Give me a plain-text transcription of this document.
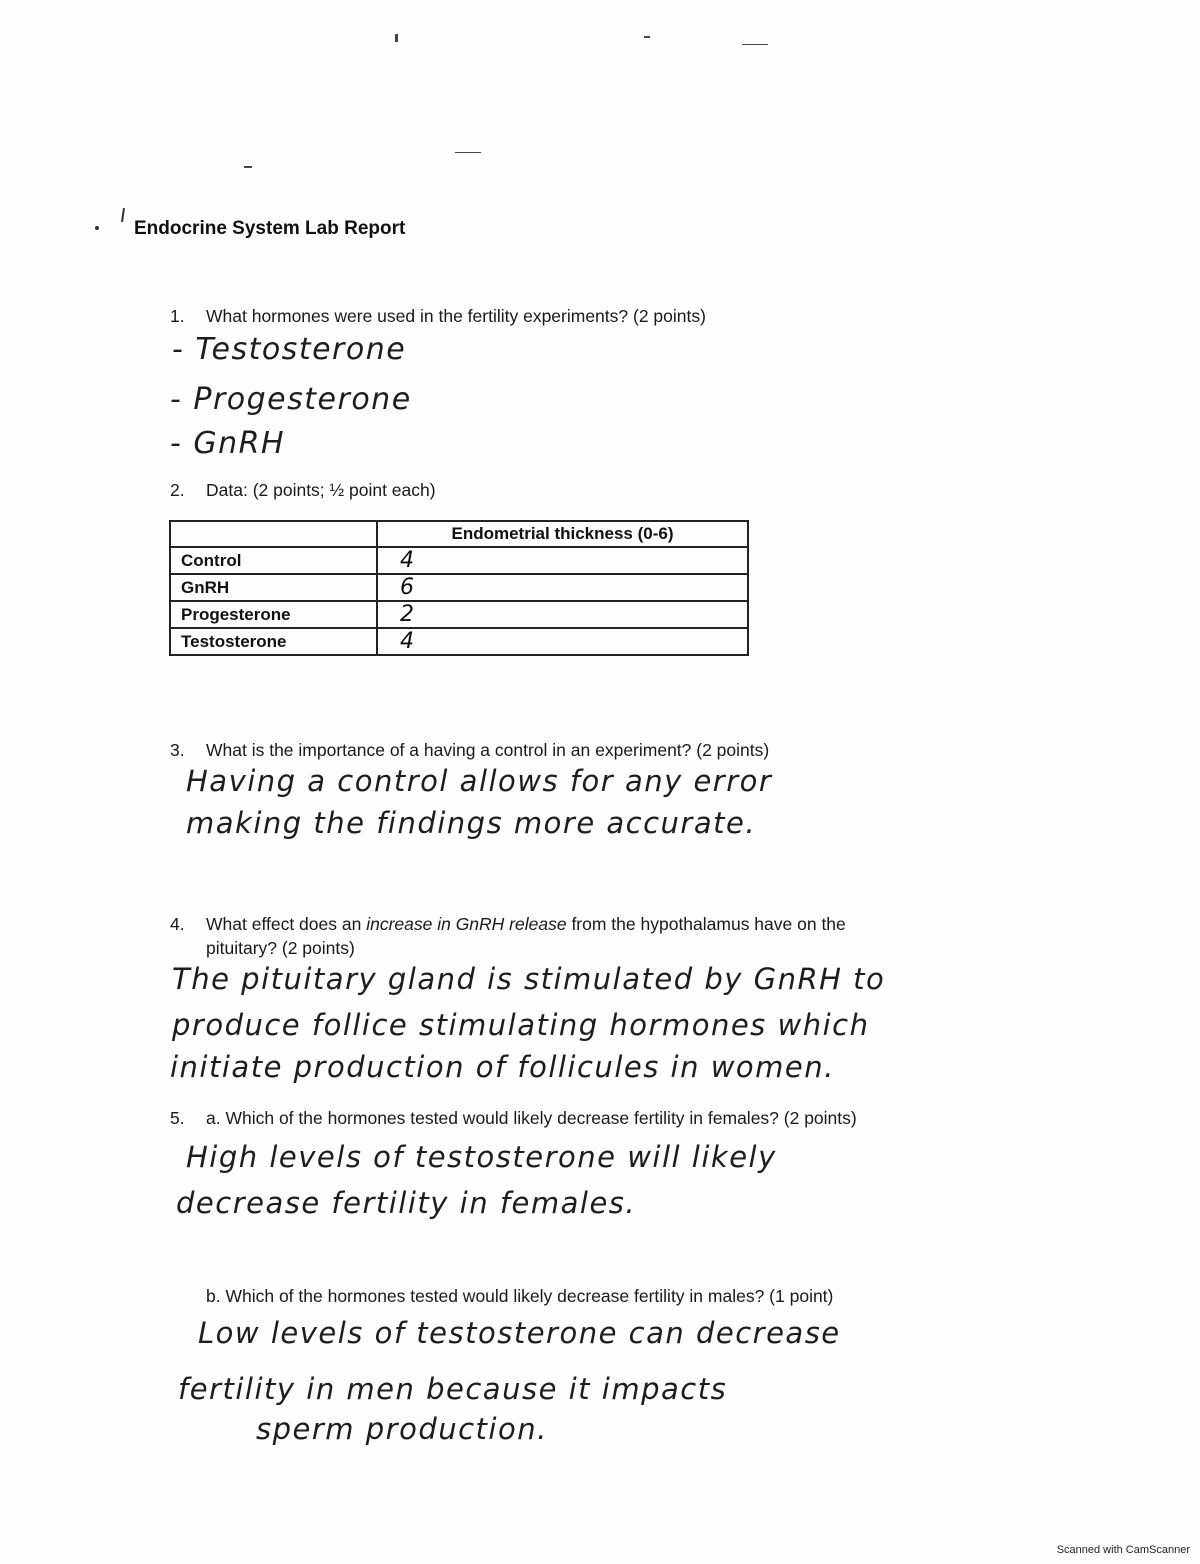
Endocrine System Lab Report
1. What hormones were used in the fertility experiments? (2 points)
- Testosterone
- Progesterone
- GnRH
2. Data: (2 points; ½ point each)
	Endometrial thickness (0-6)
Control	4
GnRH	6
Progesterone	2
Testosterone	4
3. What is the importance of a having a control in an experiment? (2 points)
Having a control allows for any error
making the findings more accurate.
4. What effect does an increase in GnRH release from the hypothalamus have on the
pituitary? (2 points)
The pituitary gland is stimulated by GnRH to
produce follice stimulating hormones which
initiate production of follicules in women.
5. a. Which of the hormones tested would likely decrease fertility in females? (2 points)
High levels of testosterone will likely
decrease fertility in females.
b. Which of the hormones tested would likely decrease fertility in males? (1 point)
Low levels of testosterone can decrease
fertility in men because it impacts
sperm production.
Scanned with CamScanner
